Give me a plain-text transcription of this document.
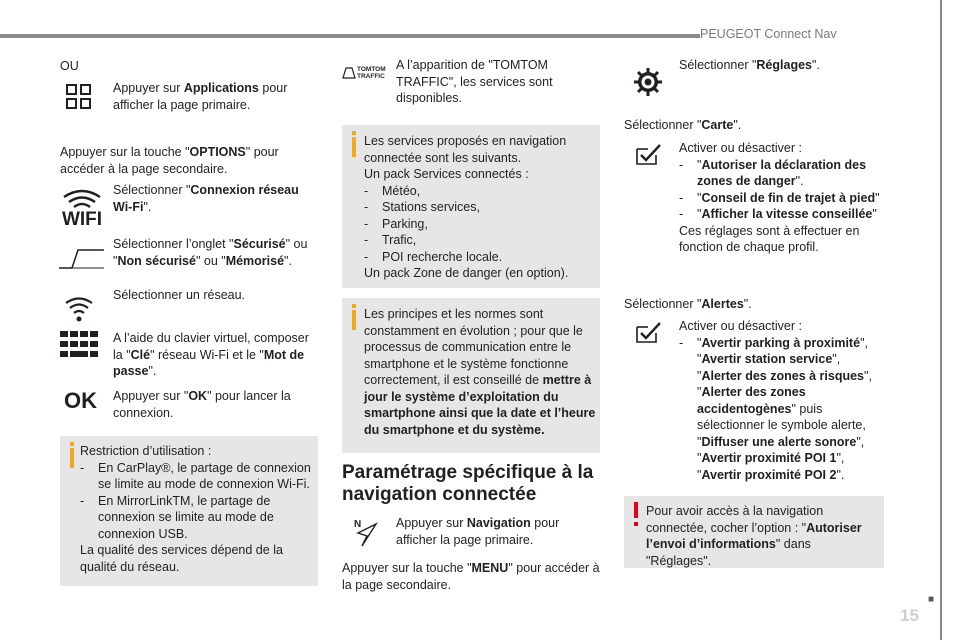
PEUGEOT Connect Nav
■
15
OU
Appuyer sur Applications pour afficher la page primaire.
Appuyer sur la touche "OPTIONS" pour accéder à la page secondaire.
WIFI
Sélectionner "Connexion réseau Wi-Fi".
Sélectionner l’onglet "Sécurisé" ou "Non sécurisé" ou "Mémorisé".
Sélectionner un réseau.
A l’aide du clavier virtuel, composer la "Clé" réseau Wi-Fi et le "Mot de passe".
OK Appuyer sur "OK" pour lancer la connexion.
Restriction d’utilisation :
- En CarPlay®, le partage de connexion se limite au mode de connexion Wi-Fi.
- En MirrorLinkTM, le partage de connexion se limite au mode de connexion USB.
La qualité des services dépend de la qualité du réseau.
TOMTOM
TRAFFIC
A l’apparition de "TOMTOM TRAFFIC", les services sont disponibles.
Les services proposés en navigation connectée sont les suivants.
Un pack Services connectés :
- Météo,
- Stations services,
- Parking,
- Trafic,
- POI recherche locale.
Un pack Zone de danger (en option).
Les principes et les normes sont constamment en évolution ; pour que le processus de communication entre le smartphone et le système fonctionne correctement, il est conseillé de mettre à jour le système d’exploitation du smartphone ainsi que la date et l’heure du smartphone et du système.
Paramétrage spécifique à la navigation connectée
N	Appuyer sur Navigation pour afficher la page primaire.
Appuyer sur la touche "MENU" pour accéder à la page secondaire.
Sélectionner "Réglages".
Sélectionner "Carte".
Activer ou désactiver :
- "Autoriser la déclaration des zones de danger".
- "Conseil de fin de trajet à pied"
- "Afficher la vitesse conseillée"
Ces réglages sont à effectuer en fonction de chaque profil.
Sélectionner "Alertes".
Activer ou désactiver :
- "Avertir parking à proximité",
"Avertir station service",
"Alerter des zones à risques", "Alerter des zones accidentogènes" puis sélectionner le symbole alerte,
"Diffuser une alerte sonore",
"Avertir proximité POI 1",
"Avertir proximité POI 2".
Pour avoir accès à la navigation connectée, cocher l’option : "Autoriser l’envoi d’informations" dans "Réglages".
